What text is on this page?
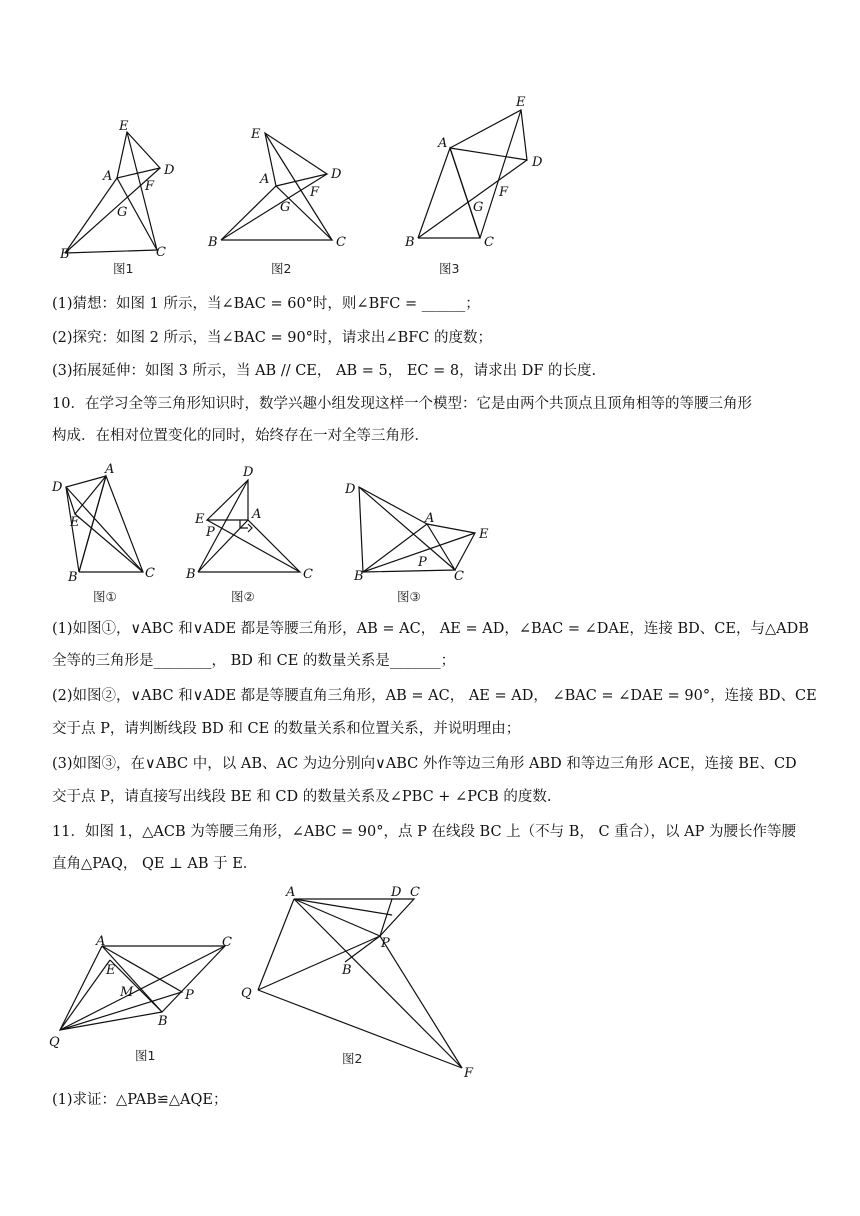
E
A	D
F
G
B	C
图1
E
A	D
F
G
B	C
图2
E
A
D
F
G
B	C
图3
(1)猜想：如图 1 所示，当∠BAC = 60°时，则∠BFC = ______；
(2)探究：如图 2 所示，当∠BAC = 90°时，请求出∠BFC 的度数；
(3)拓展延伸：如图 3 所示，当 AB // CE， AB = 5， EC = 8，请求出 DF 的长度.
10．在学习全等三角形知识时，数学兴趣小组发现这样一个模型：它是由两个共顶点且顶角相等的等腰三角形
构成．在相对位置变化的同时，始终存在一对全等三角形．
A
D
E
B	C
图①
D
E	A
P
B	C
图②
D
A
E
P
B	C
图③
(1)如图①，∨ABC 和∨ADE 都是等腰三角形，AB = AC， AE = AD，∠BAC = ∠DAE，连接 BD、CE，与△ADB
全等的三角形是________， BD 和 CE 的数量关系是_______；
(2)如图②，∨ABC 和∨ADE 都是等腰直角三角形，AB = AC， AE = AD， ∠BAC = ∠DAE = 90°，连接 BD、CE
交于点 P，请判断线段 BD 和 CE 的数量关系和位置关系，并说明理由；
(3)如图③，在∨ABC 中，以 AB、AC 为边分别向∨ABC 外作等边三角形 ABD 和等边三角形 ACE，连接 BE、CD
交于点 P，请直接写出线段 BE 和 CD 的数量关系及∠PBC + ∠PCB 的度数.
11．如图 1，△ACB 为等腰三角形，∠ABC = 90°，点 P 在线段 BC 上（不与 B， C 重合），以 AP 为腰长作等腰
直角△PAQ， QE ⊥ AB 于 E．
A	C
E
M	P
B
Q
图1
A	D C
P
B
Q
F
图2
(1)求证：△PAB≌△AQE；
